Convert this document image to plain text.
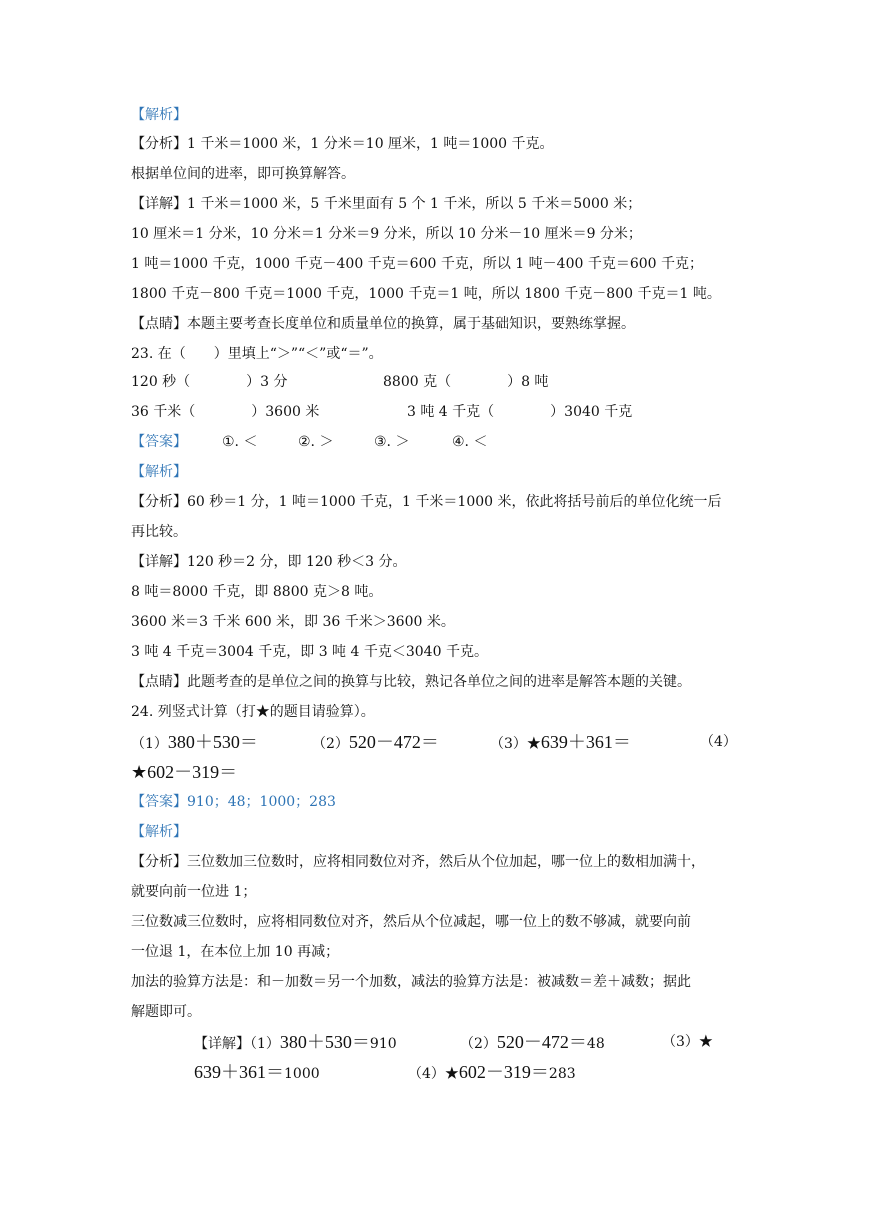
【解析】
【分析】1 千米＝1000 米，1 分米＝10 厘米，1 吨＝1000 千克。
根据单位间的进率，即可换算解答。
【详解】1 千米＝1000 米，5 千米里面有 5 个 1 千米，所以 5 千米＝5000 米；
10 厘米＝1 分米，10 分米＝1 分米＝9 分米，所以 10 分米－10 厘米＝9 分米；
1 吨＝1000 千克，1000 千克－400 千克＝600 千克，所以 1 吨－400 千克＝600 千克；
1800 千克－800 千克＝1000 千克，1000 千克＝1 吨，所以 1800 千克－800 千克＝1 吨。
【点睛】本题主要考查长度单位和质量单位的换算，属于基础知识，要熟练掌握。
23. 在（　　）里填上“＞”“＜”或“＝”。
120 秒（　　　　）3 分	8800 克（　　　　）8 吨
36 千米（　　　　）3600 米	3 吨 4 千克（　　　　）3040 千克
【答案】	①. ＜	②. ＞	③. ＞	④. ＜
【解析】
【分析】60 秒＝1 分，1 吨＝1000 千克，1 千米＝1000 米，依此将括号前后的单位化统一后
再比较。
【详解】120 秒＝2 分，即 120 秒＜3 分。
8 吨＝8000 千克，即 8800 克＞8 吨。
3600 米＝3 千米 600 米，即 36 千米＞3600 米。
3 吨 4 千克＝3004 千克，即 3 吨 4 千克＜3040 千克。
【点睛】此题考查的是单位之间的换算与比较，熟记各单位之间的进率是解答本题的关键。
24. 列竖式计算（打★的题目请验算）。
（1）380＋530＝	（2）520－472＝	（3）★639＋361＝	（4）
★602－319＝
【答案】910；48；1000；283
【解析】
【分析】三位数加三位数时，应将相同数位对齐，然后从个位加起，哪一位上的数相加满十，
就要向前一位进 1；
三位数减三位数时，应将相同数位对齐，然后从个位减起，哪一位上的数不够减，就要向前
一位退 1，在本位上加 10 再减；
加法的验算方法是：和－加数＝另一个加数，减法的验算方法是：被减数＝差＋减数；据此
解题即可。
【详解】（1）380＋530＝910	（2）520－472＝48	（3）★
639＋361＝1000	（4）★602－319＝283
